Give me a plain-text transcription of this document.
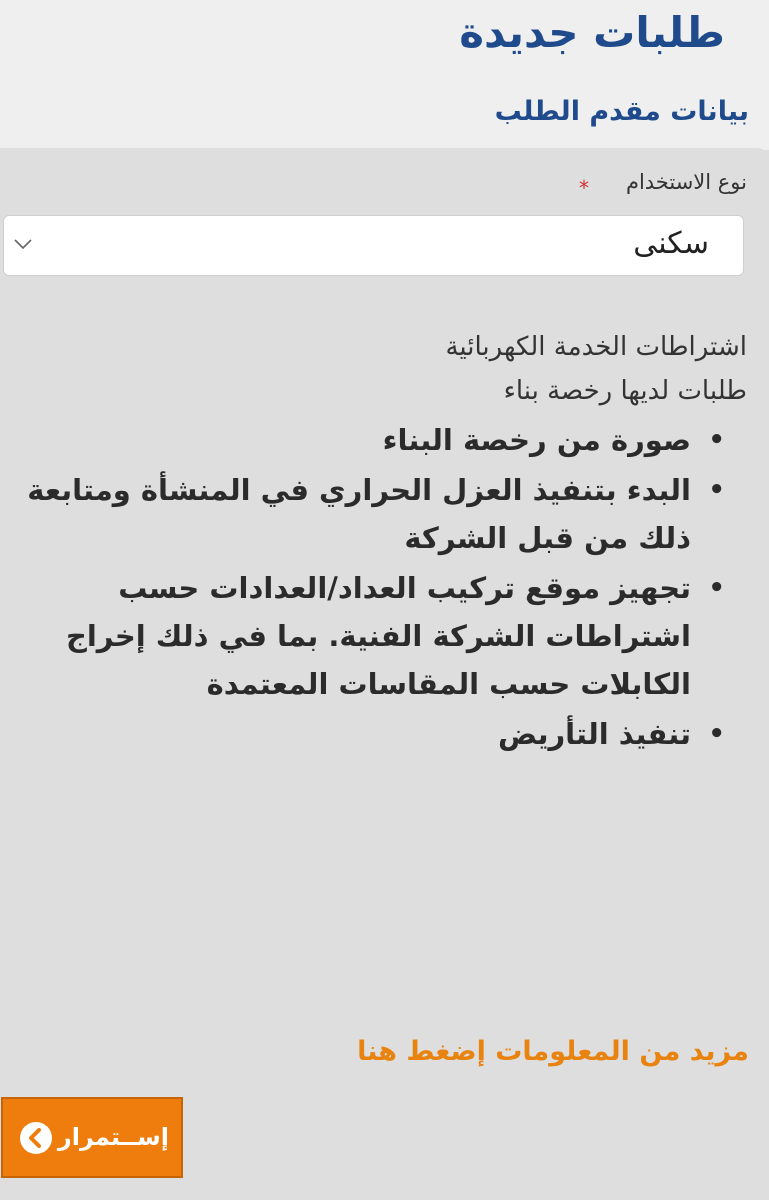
طلبات جديدة
بيانات مقدم الطلب
نوع الاستخدام
*
سكنى
اشتراطات الخدمة الكهربائية
طلبات لديها رخصة بناء
•
صورة من رخصة البناء
•
البدء بتنفيذ العزل الحراري في المنشأة ومتابعة ذلك من قبل الشركة
•
تجهيز موقع تركيب العداد/العدادات حسب اشتراطات الشركة الفنية. بما في ذلك إخراج الكابلات حسب المقاسات المعتمدة
•
تنفيذ التأريض
مزيد من المعلومات إضغط هنا
إســتمرار
